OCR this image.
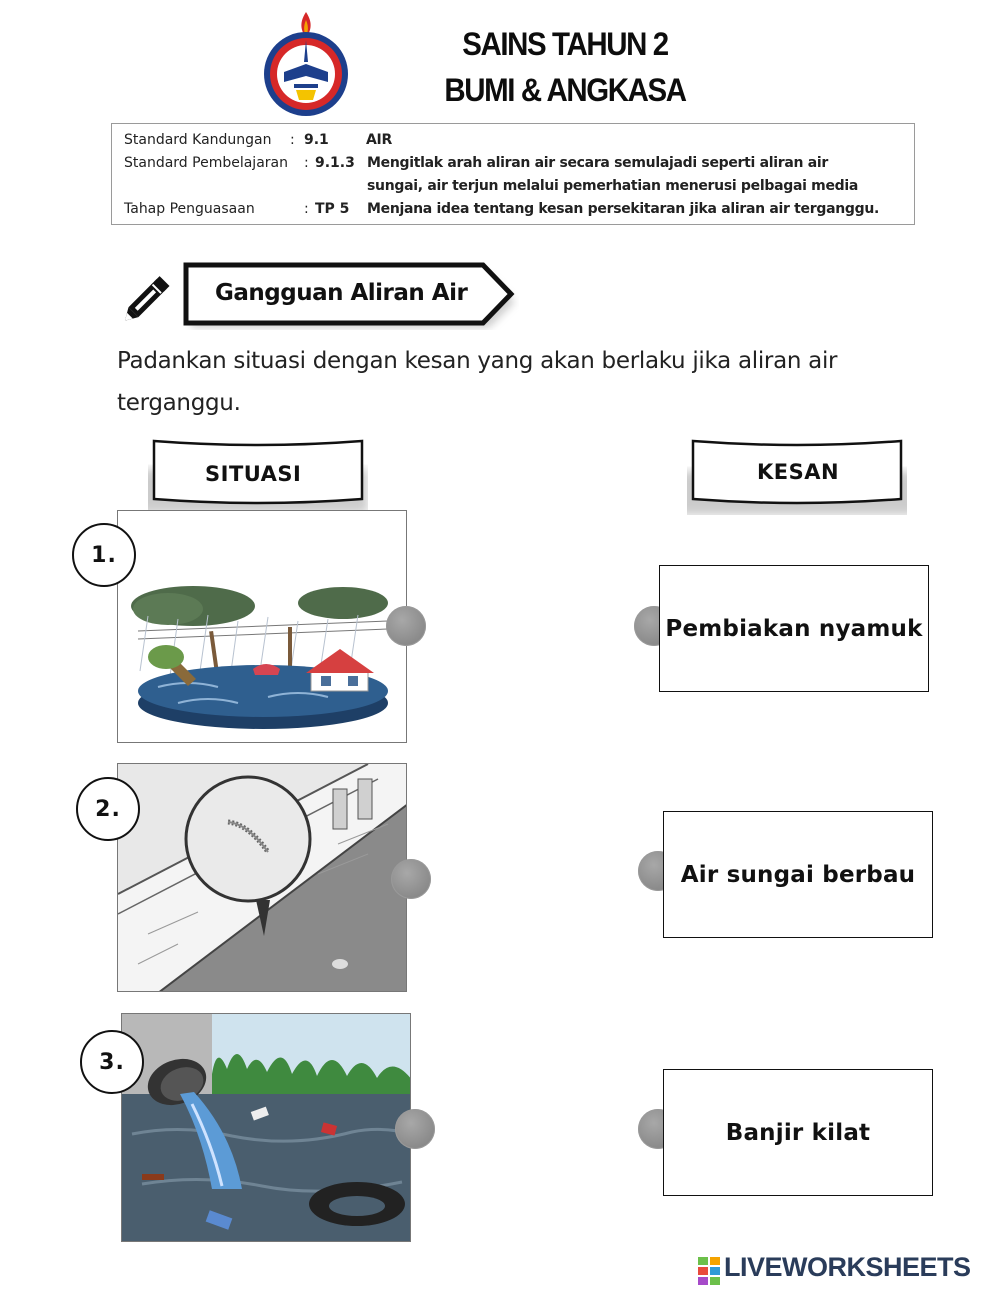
SAINS TAHUN 2
BUMI & ANGKASA
Standard Kandungan : 9.1	AIR
Standard Pembelajaran : 9.1.3 Mengitlak arah aliran air secara semulajadi seperti aliran air
sungai, air terjun melalui pemerhatian menerusi pelbagai media
Tahap Penguasaan	: TP 5 Menjana idea tentang kesan persekitaran jika aliran air terganggu.
Gangguan Aliran Air
Padankan situasi dengan kesan yang akan berlaku jika aliran air
terganggu.
SITUASI	KESAN
1.
2.
3.
Pembiakan nyamuk
Air sungai berbau
Banjir kilat
LIVEWORKSHEETS
